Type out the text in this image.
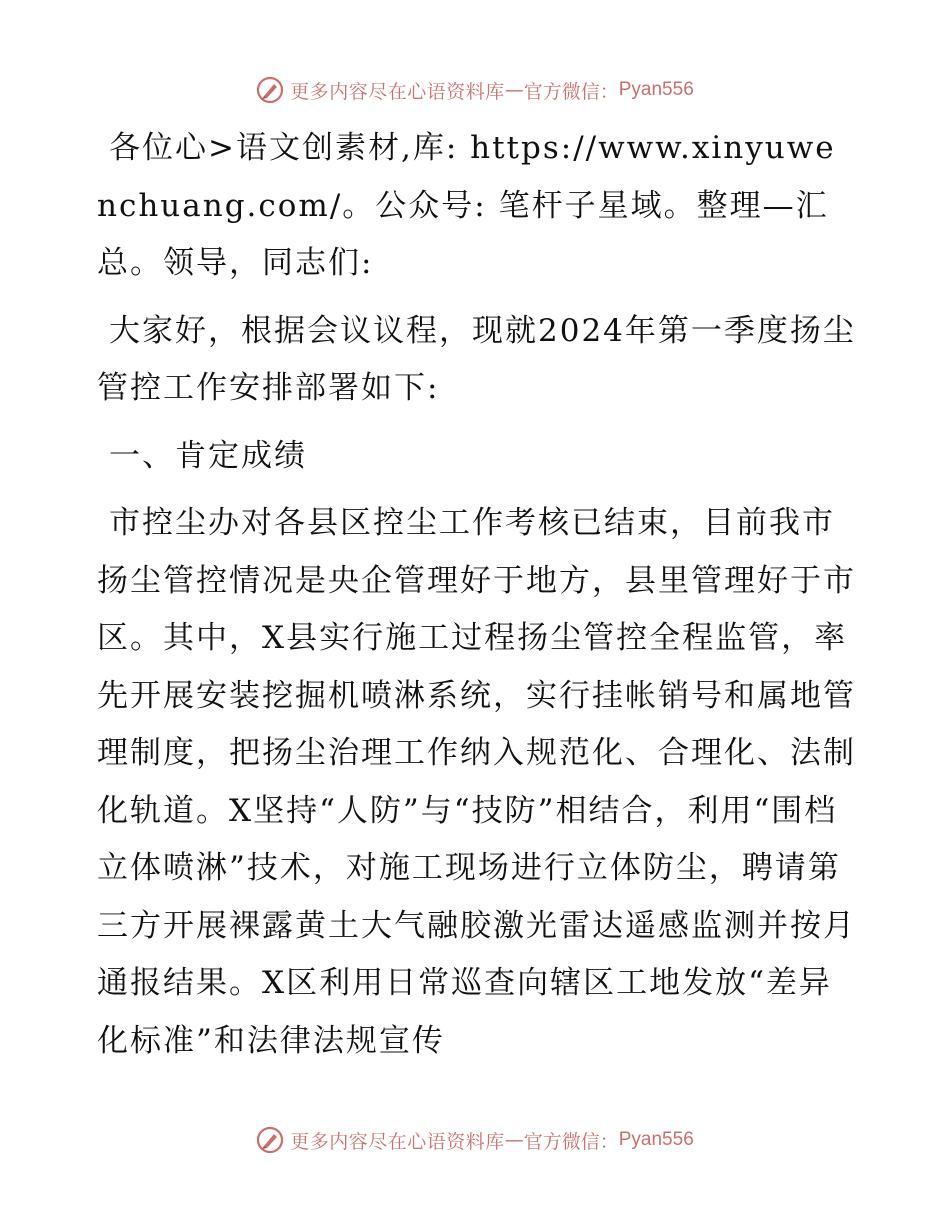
更多内容尽在心语资料库 — 官方微信： Pyan556

各位心>语文创素材,库: https://www.xinyuwenchuang.com/。公众号: 笔杆子星域。整理—汇总。领导，同志们:

大家好，根据会议议程，现就2024年第一季度扬尘管控工作安排部署如下:

一、肯定成绩

市控尘办对各县区控尘工作考核已结束，目前我市扬尘管控情况是央企管理好于地方，县里管理好于市区。其中，X县实行施工过程扬尘管控全程监管，率先开展安装挖掘机喷淋系统，实行挂帐销号和属地管理制度，把扬尘治理工作纳入规范化、合理化、法制化轨道。X坚持“人防”与“技防”相结合，利用“围档立体喷淋”技术，对施工现场进行立体防尘，聘请第三方开展裸露黄土大气融胶激光雷达遥感监测并按月通报结果。X区利用日常巡查向辖区工地发放“差异化标准”和法律法规宣传

更多内容尽在心语资料库 — 官方微信： Pyan556
